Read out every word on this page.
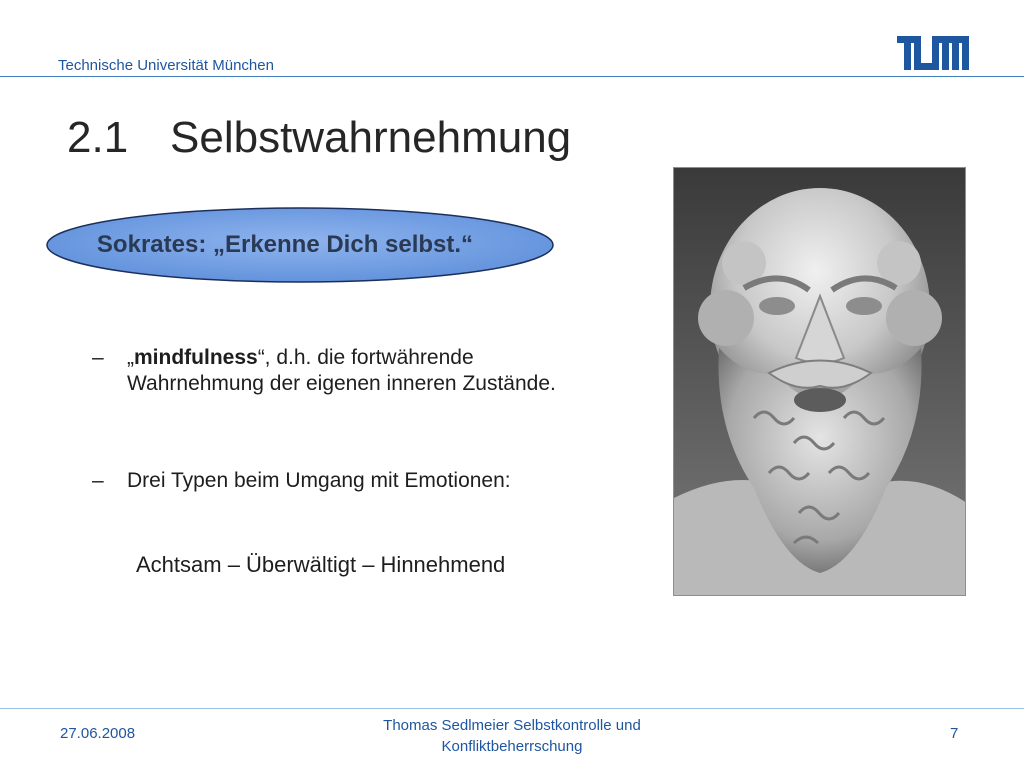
Technische Universität München
2.1 Selbstwahrnehmung
Sokrates: „Erkenne Dich selbst.“
– „mindfulness“, d.h. die fortwährende Wahrnehmung der eigenen inneren Zustände.
– Drei Typen beim Umgang mit Emotionen:
Achtsam – Überwältigt – Hinnehmend
27.06.2008	Thomas Sedlmeier Selbstkontrolle und Konfliktbeherrschung
7
